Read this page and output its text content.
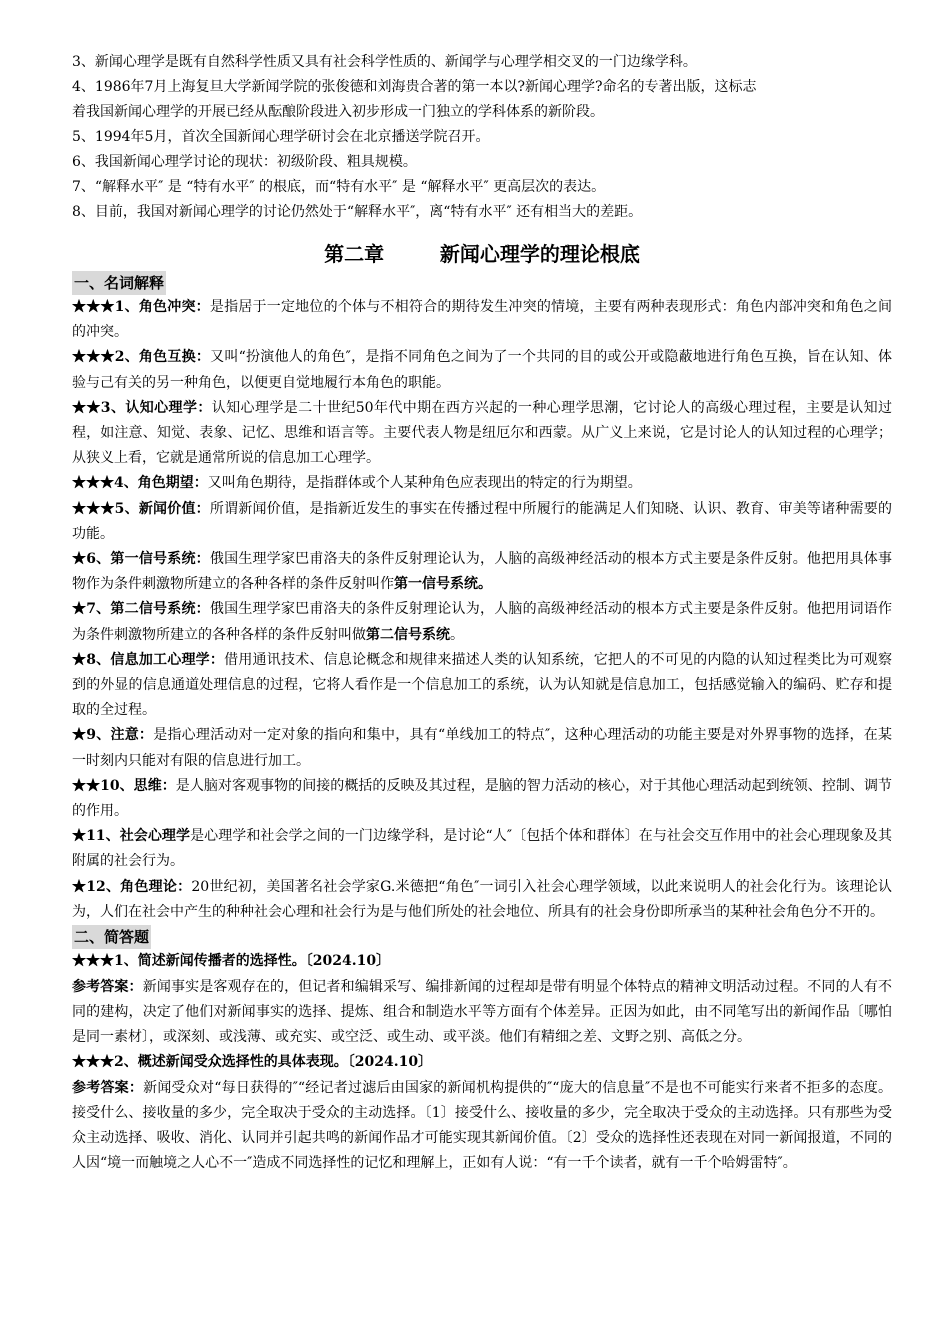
3、新闻心理学是既有自然科学性质又具有社会科学性质的、新闻学与心理学相交叉的一门边缘学科。
4、1986年7月上海复旦大学新闻学院的张俊德和刘海贵合著的第一本以?新闻心理学?命名的专著出版，这标志
着我国新闻心理学的开展已经从酝酿阶段进入初步形成一门独立的学科体系的新阶段。
5、1994年5月，首次全国新闻心理学研讨会在北京播送学院召开。
6、我国新闻心理学讨论的现状：初级阶段、粗具规模。
7、“解释水平″ 是 “特有水平″ 的根底，而“特有水平″ 是 “解释水平″ 更高层次的表达。
8、目前，我国对新闻心理学的讨论仍然处于“解释水平″，离“特有水平″ 还有相当大的差距。
第二章        新闻心理学的理论根底
一、名词解释
★★★1、角色冲突：是指居于一定地位的个体与不相符合的期待发生冲突的情境，主要有两种表现形式：角色内部冲突和角色之间的冲突。
★★★2、角色互换：又叫“扮演他人的角色″，是指不同角色之间为了一个共同的目的或公开或隐蔽地进行角色互换，旨在认知、体验与己有关的另一种角色，以便更自觉地履行本角色的职能。
★★3、认知心理学：认知心理学是二十世纪50年代中期在西方兴起的一种心理学思潮，它讨论人的高级心理过程，主要是认知过程，如注意、知觉、表象、记忆、思维和语言等。主要代表人物是纽厄尔和西蒙。从广义上来说，它是讨论人的认知过程的心理学；从狭义上看，它就是通常所说的信息加工心理学。
★★★4、角色期望：又叫角色期待，是指群体或个人某种角色应表现出的特定的行为期望。
★★★5、新闻价值：所谓新闻价值，是指新近发生的事实在传播过程中所履行的能满足人们知晓、认识、教育、审美等诸种需要的功能。
★6、第一信号系统：俄国生理学家巴甫洛夫的条件反射理论认为，人脑的高级神经活动的根本方式主要是条件反射。他把用具体事物作为条件刺激物所建立的各种各样的条件反射叫作第一信号系统。
★7、第二信号系统：俄国生理学家巴甫洛夫的条件反射理论认为，人脑的高级神经活动的根本方式主要是条件反射。他把用词语作为条件刺激物所建立的各种各样的条件反射叫做第二信号系统。
★8、信息加工心理学：借用通讯技术、信息论概念和规律来描述人类的认知系统，它把人的不可见的内隐的认知过程类比为可观察到的外显的信息通道处理信息的过程，它将人看作是一个信息加工的系统，认为认知就是信息加工，包括感觉输入的编码、贮存和提取的全过程。
★9、注意：是指心理活动对一定对象的指向和集中，具有“单线加工的特点″，这种心理活动的功能主要是对外界事物的选择，在某一时刻内只能对有限的信息进行加工。
★★10、思维：是人脑对客观事物的间接的概括的反映及其过程，是脑的智力活动的核心，对于其他心理活动起到统领、控制、调节的作用。
★11、社会心理学是心理学和社会学之间的一门边缘学科，是讨论“人″〔包括个体和群体〕在与社会交互作用中的社会心理现象及其附属的社会行为。
★12、角色理论：20世纪初，美国著名社会学家G.米德把“角色″一词引入社会心理学领域，以此来说明人的社会化行为。该理论认为，人们在社会中产生的种种社会心理和社会行为是与他们所处的社会地位、所具有的社会身份即所承当的某种社会角色分不开的。
二、简答题
★★★1、简述新闻传播者的选择性。〔2024.10〕
参考答案：新闻事实是客观存在的，但记者和编辑采写、编排新闻的过程却是带有明显个体特点的精神文明活动过程。不同的人有不同的建构，决定了他们对新闻事实的选择、提炼、组合和制造水平等方面有个体差异。正因为如此，由不同笔写出的新闻作品〔哪怕是同一素材〕，或深刻、或浅薄、或充实、或空泛、或生动、或平淡。他们有精细之差、文野之别、高低之分。
★★★2、概述新闻受众选择性的具体表现。〔2024.10〕
参考答案：新闻受众对“每日获得的″“经记者过滤后由国家的新闻机构提供的″“庞大的信息量″不是也不可能实行来者不拒多的态度。接受什么、接收量的多少，完全取决于受众的主动选择。〔1〕接受什么、接收量的多少，完全取决于受众的主动选择。只有那些为受众主动选择、吸收、消化、认同并引起共鸣的新闻作品才可能实现其新闻价值。〔2〕受众的选择性还表现在对同一新闻报道，不同的人因“境一而触境之人心不一″造成不同选择性的记忆和理解上，正如有人说：“有一千个读者，就有一千个哈姆雷特″。
